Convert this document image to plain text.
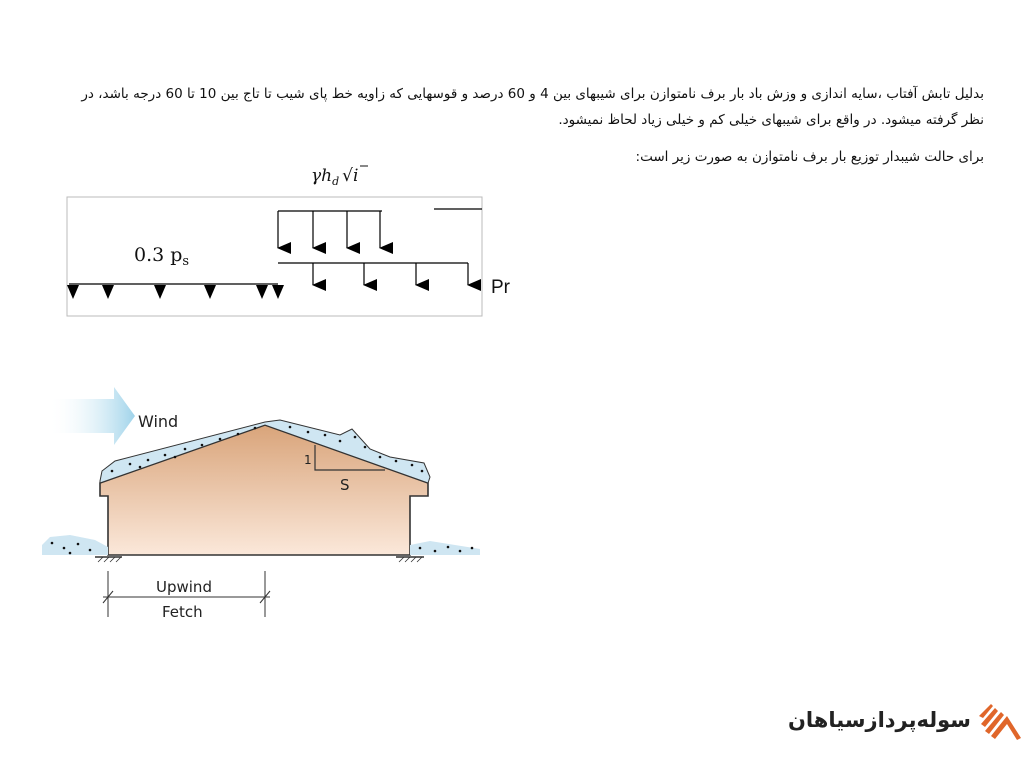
بدلیل تابش آفتاب ،سایه اندازی و وزش باد بار برف نامتوازن برای شیبهای بین 4 و 60 درصد و قوسهایی که زاویه خط پای شیب تا تاج بین 10 تا 60 درجه باشد، در نظر گرفته میشود. در واقع برای شیبهای خیلی کم و خیلی زیاد لحاظ نمیشود.

برای حالت شیبدار توزیع بار برف نامتوازن به صورت زیر است:

$\gamma h_d$ √i
0.3 $p_s$
Pr
Wind
1
S
Upwind
Fetch
سوله‌پردازسیاهان
